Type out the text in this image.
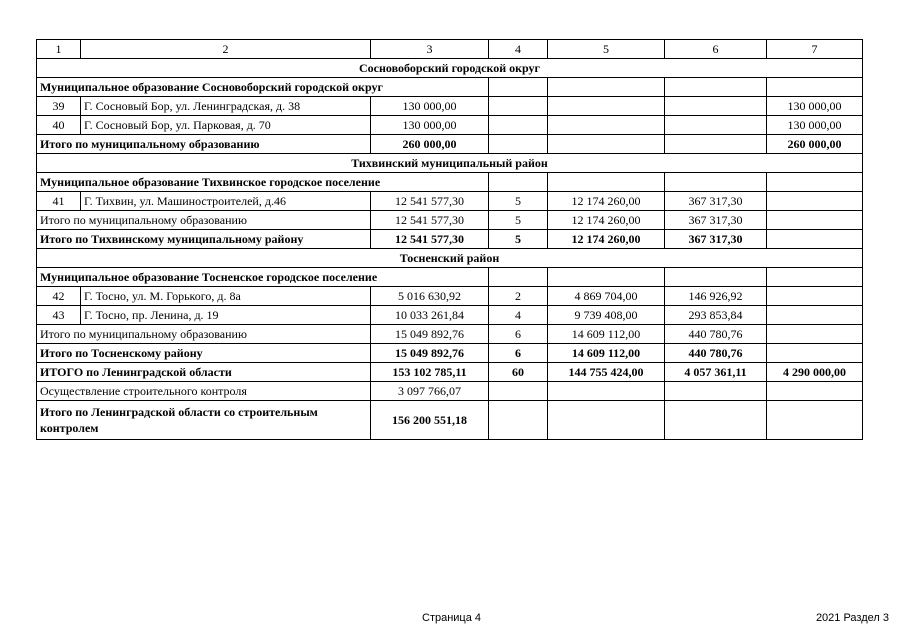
1	2	3	4	5	6	7
Сосновоборский городской округ						
Муниципальное образование Сосновоборский городской округ						
39	Г. Сосновый Бор, ул. Ленинградская, д. 38	130 000,00				130 000,00
40	Г. Сосновый Бор, ул. Парковая, д. 70	130 000,00				130 000,00
Итого по муниципальному образованию		260 000,00				260 000,00
Тихвинский муниципальный район						
Муниципальное образование Тихвинское городское поселение						
41	Г. Тихвин, ул. Машиностроителей, д.46	12 541 577,30	5	12 174 260,00	367 317,30	
Итого по муниципальному образованию		12 541 577,30	5	12 174 260,00	367 317,30	
Итого по Тихвинскому муниципальному району		12 541 577,30	5	12 174 260,00	367 317,30	
Тосненский район						
Муниципальное образование Тосненское городское поселение						
42	Г. Тосно, ул. М. Горького, д. 8а	5 016 630,92	2	4 869 704,00	146 926,92	
43	Г. Тосно, пр. Ленина, д. 19	10 033 261,84	4	9 739 408,00	293 853,84	
Итого по муниципальному образованию		15 049 892,76	6	14 609 112,00	440 780,76	
Итого по Тосненскому району		15 049 892,76	6	14 609 112,00	440 780,76	
ИТОГО по Ленинградской области		153 102 785,11	60	144 755 424,00	4 057 361,11	4 290 000,00
Осуществление строительного контроля		3 097 766,07				
Итого по Ленинградской области со строительным контролем		156 200 551,18				
Страница 4	2021 Раздел 3
